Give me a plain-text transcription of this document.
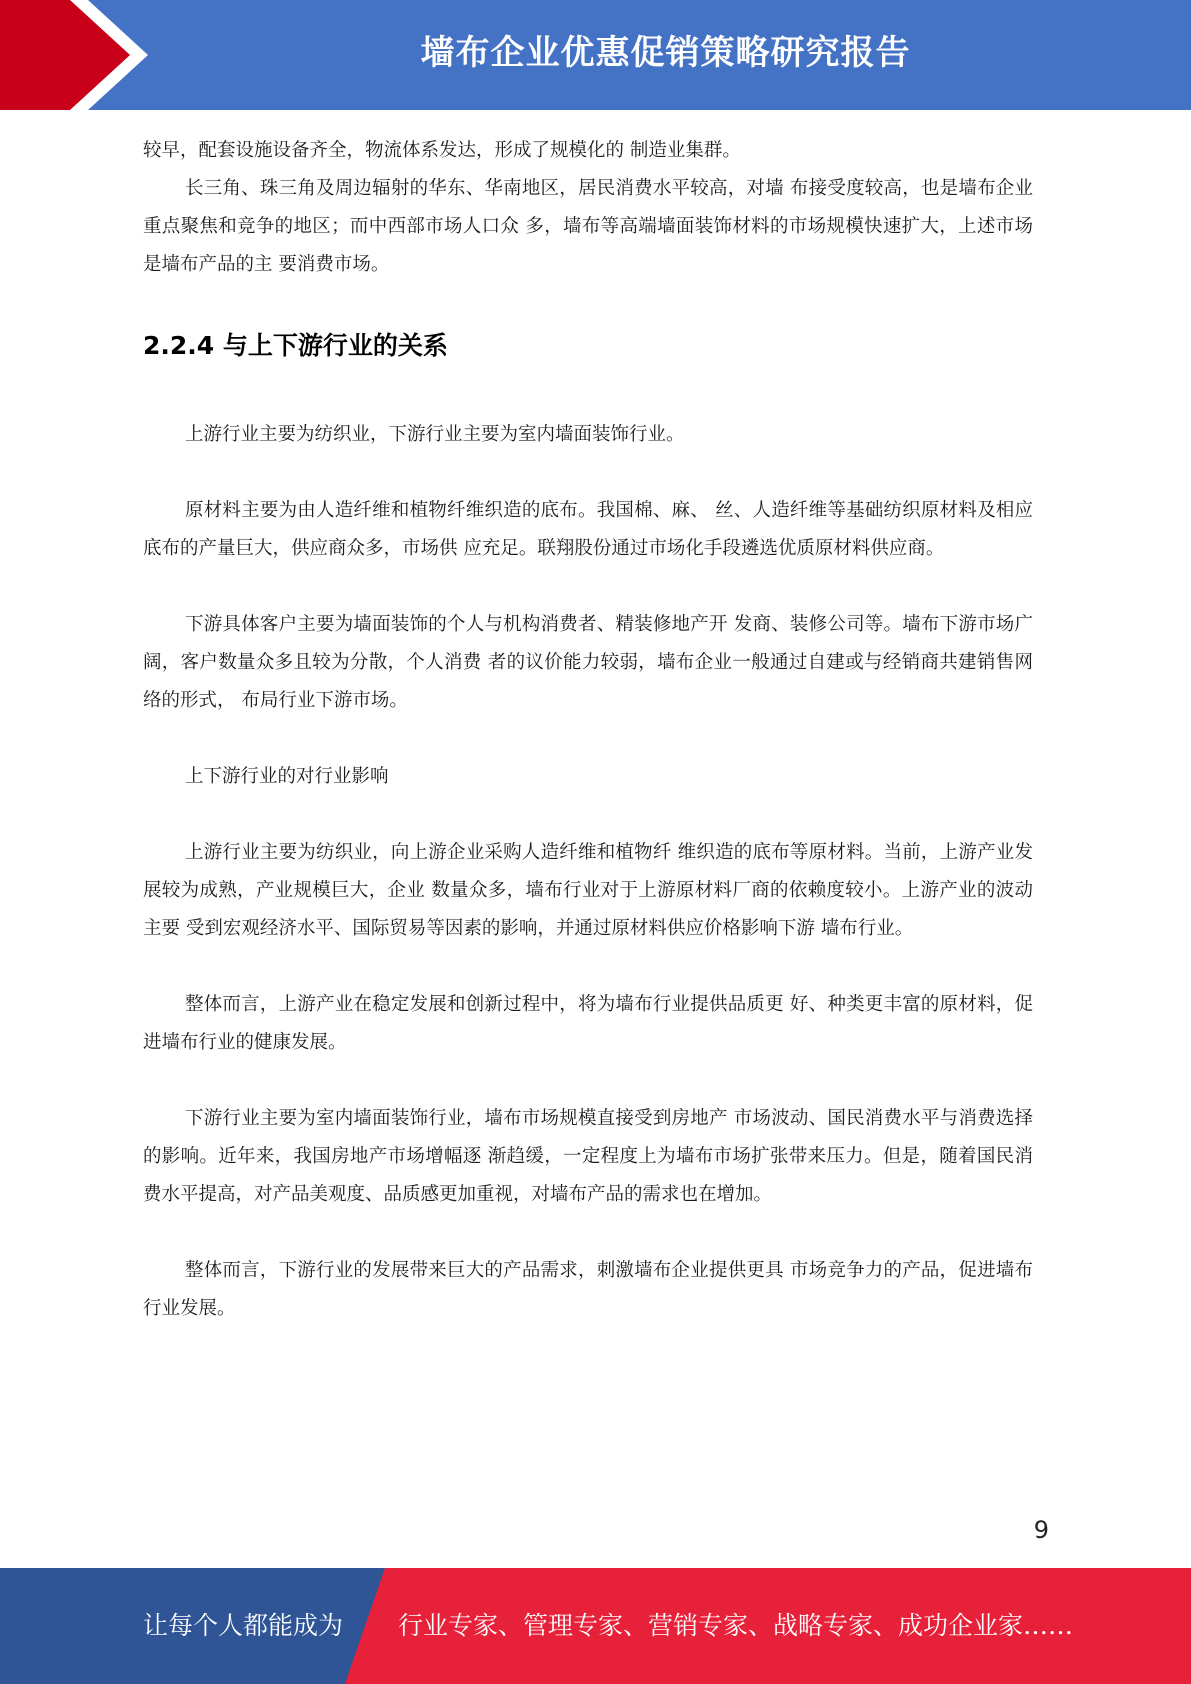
墙布企业优惠促销策略研究报告

较早，配套设施设备齐全，物流体系发达，形成了规模化的 制造业集群。

长三角、珠三角及周边辐射的华东、华南地区，居民消费水平较高，对墙 布接受度较高，也是墙布企业重点聚焦和竞争的地区；而中西部市场人口众 多，墙布等高端墙面装饰材料的市场规模快速扩大，上述市场是墙布产品的主 要消费市场。

2.2.4 与上下游行业的关系

上游行业主要为纺织业，下游行业主要为室内墙面装饰行业。

原材料主要为由人造纤维和植物纤维织造的底布。我国棉、麻、 丝、人造纤维等基础纺织原材料及相应底布的产量巨大，供应商众多，市场供 应充足。联翔股份通过市场化手段遴选优质原材料供应商。

下游具体客户主要为墙面装饰的个人与机构消费者、精装修地产开 发商、装修公司等。墙布下游市场广阔，客户数量众多且较为分散，个人消费 者的议价能力较弱，墙布企业一般通过自建或与经销商共建销售网络的形式， 布局行业下游市场。

上下游行业的对行业影响

上游行业主要为纺织业，向上游企业采购人造纤维和植物纤 维织造的底布等原材料。当前，上游产业发展较为成熟，产业规模巨大，企业 数量众多，墙布行业对于上游原材料厂商的依赖度较小。上游产业的波动主要 受到宏观经济水平、国际贸易等因素的影响，并通过原材料供应价格影响下游 墙布行业。

整体而言，上游产业在稳定发展和创新过程中，将为墙布行业提供品质更 好、种类更丰富的原材料，促进墙布行业的健康发展。

下游行业主要为室内墙面装饰行业，墙布市场规模直接受到房地产 市场波动、国民消费水平与消费选择的影响。近年来，我国房地产市场增幅逐 渐趋缓，一定程度上为墙布市场扩张带来压力。但是，随着国民消费水平提高，对产品美观度、品质感更加重视，对墙布产品的需求也在增加。

整体而言，下游行业的发展带来巨大的产品需求，刺激墙布企业提供更具 市场竞争力的产品，促进墙布行业发展。

9
让每个人都能成为 行业专家、管理专家、营销专家、战略专家、成功企业家……
